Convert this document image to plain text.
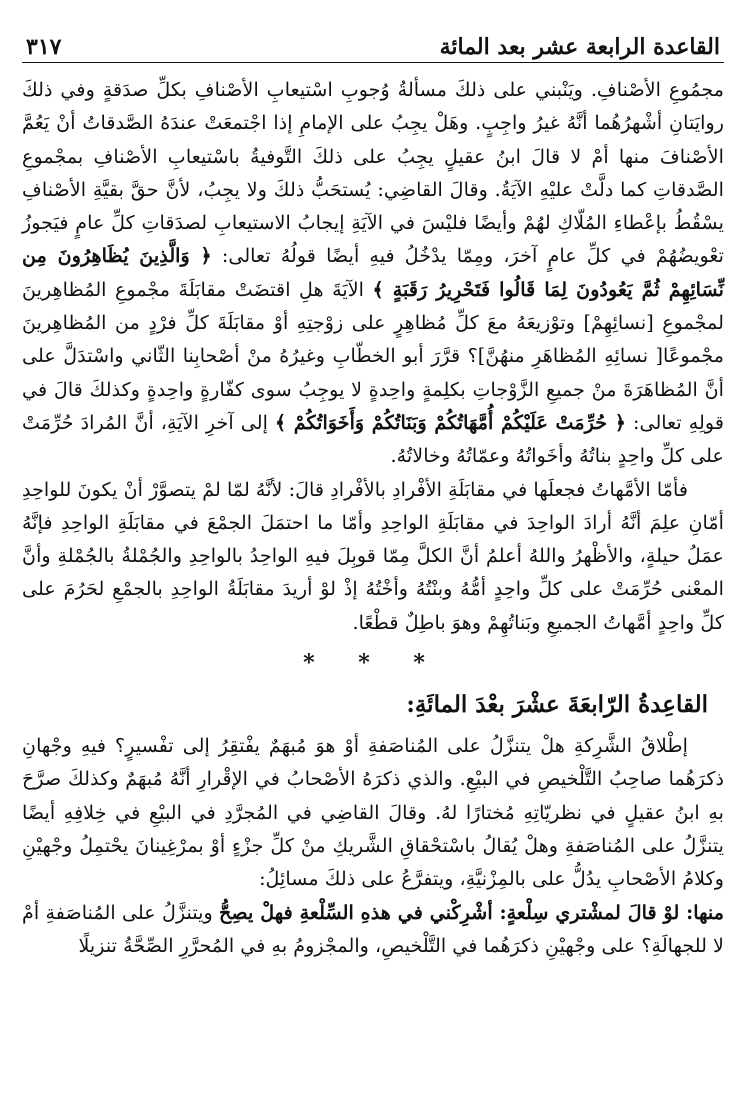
القاعدة الرابعة عشر بعد المائة
٣١٧

مجمُوعِ الأصْنافِ. ويَنْبني على ذلكَ مسألةُ وُجوبِ اسْتيعابِ الأصْنافِ بكلِّ صدَقةٍ وفي ذلكَ روايَتانِ أشْهرُهُما أنَّهُ غيرُ واجِبٍ. وهَلْ يجِبُ على الإمامِ إذا اجْتمعَتْ عندَهُ الصَّدقاتُ أنْ يَعُمَّ الأصْنافَ منها أمْ لا قالَ ابنُ عقيلٍ يجِبُ على ذلكَ التَّوفيةُ باسْتيعابِ الأصْنافِ بمجْموعِ الصَّدقاتِ كما دلَّتْ عليْهِ الآيَةُ. وقالَ القاضِي: يُستحَبُّ ذلكَ ولا يجِبُ، لأنَّ حقَّ بقيَّةِ الأصْنافِ يسْقُطُ بإعْطاءِ المُلّاكِ لهُمْ وأيضًا فليْسَ في الآيَةِ إيجابُ الاستيعابِ لصدَقاتِ كلِّ عامٍ فيَجوزُ تعْويضُهُمْ في كلِّ عامٍ آخرَ، ومِمّا يدْخُلُ فيهِ أيضًا قولُهُ تعالى: ﴿ وَالَّذِينَ يُظَاهِرُونَ مِن نِّسَائِهِمْ ثُمَّ يَعُودُونَ لِمَا قَالُوا فَتَحْرِيرُ رَقَبَةٍ ﴾ الآيَةَ هلِ اقتضَتْ مقابَلَةَ مجْموعِ المُظاهِرينَ لمجْموعِ [نسائِهِمْ] وتوْزيعَهُ معَ كلِّ مُظاهِرٍ على زوْجتِهِ أوْ مقابَلَةَ كلِّ فرْدٍ من المُظاهِرينَ مجْموعًا[ نسائِهِ المُظاهَرِ منهُنَّ]؟ قرَّرَ أبو الخطّابِ وغيرُهُ منْ أصْحابِنا الثّاني واسْتدَلَّ على أنَّ المُظاهَرَةَ منْ جميعِ الزَّوْجاتِ بكلِمةٍ واحِدةٍ لا يوجِبُ سوى كفّارةٍ واحِدةٍ وكذلكَ قالَ في قولِهِ تعالى: ﴿ حُرِّمَتْ عَلَيْكُمْ أُمَّهَاتُكُمْ وَبَنَاتُكُمْ وَأَخَوَاتُكُمْ ﴾ إلى آخرِ الآيَةِ، أنَّ المُرادَ حُرِّمَتْ على كلِّ واحِدٍ بناتُهُ وأخَواتُهُ وعمّاتُهُ وخالاتُهُ.

فأمّا الأمَّهاتُ فجعلَها في مقابَلَةِ الأفْرادِ بالأفْرادِ قالَ: لأنَّهُ لمّا لمْ يتصوَّرْ أنْ يكونَ للواحِدِ أمّانِ علِمَ أنَّهُ أرادَ الواحِدَ في مقابَلَةِ الواحِدِ وأمّا ما احتمَلَ الجمْعَ في مقابَلَةِ الواحِدِ فإنَّهُ عمَلُ حيلةٍ، والأظْهرُ واللهُ أعلمُ أنَّ الكلَّ مِمّا قوبِلَ فيهِ الواحِدُ بالواحِدِ والجُمْلةُ بالجُمْلةِ وأنَّ المعْنى حُرِّمَتْ على كلِّ واحِدٍ أمُّهُ وبنْتُهُ وأخْتُهُ إذْ لوْ أريدَ مقابَلَةُ الواحِدِ بالجمْعِ لحَرُمَ على كلِّ واحِدٍ أمَّهاتُ الجميعِ وبَناتُهِمْ وهوَ باطِلٌ قطْعًا.

* * *
القاعِدةُ الرّابعَةَ عشْرَ بعْدَ المائَةِ:

إطْلاقُ الشَّرِكةِ هلْ يتنزَّلُ على المُناصَفةِ أوْ هوَ مُبهَمٌ يفْتقِرُ إلى تفْسيرٍ؟ فيهِ وجْهانِ ذكرَهُما صاحِبُ التَّلْخيصِ في البيْعِ. والذي ذكرَهُ الأصْحابُ في الإقْرارِ أنَّهُ مُبهَمٌ وكذلكَ صرَّحَ بهِ ابنُ عقيلٍ في نظريّاتِهِ مُختارًا لهُ. وقالَ القاضِي في المُجرَّدِ في البيْعِ في خِلافِهِ أيضًا يتنزَّلُ على المُناصَفةِ وهلْ يُقالُ باسْتحْقاقِ الشَّريكِ منْ كلِّ جزْءٍ أوْ بمرْغِينانَ يحْتمِلُ وجْهيْنِ وكلامُ الأصْحابِ يدُلُّ على بالمِزْنيَّةِ، ويتفرَّعُ على ذلكَ مسائِلُ:

منها: لوْ قالَ لمشْتري سِلْعةٍ: أشْرِكْني في هذهِ السِّلْعةِ فهلْ يصِحُّ ويتنزَّلُ على المُناصَفةِ أمْ لا للجهالَةِ؟ على وجْهيْنِ ذكرَهُما في التَّلْخيصِ، والمجْزومُ بهِ في المُحرَّرِ الصِّحَّةُ تنزيلًا
